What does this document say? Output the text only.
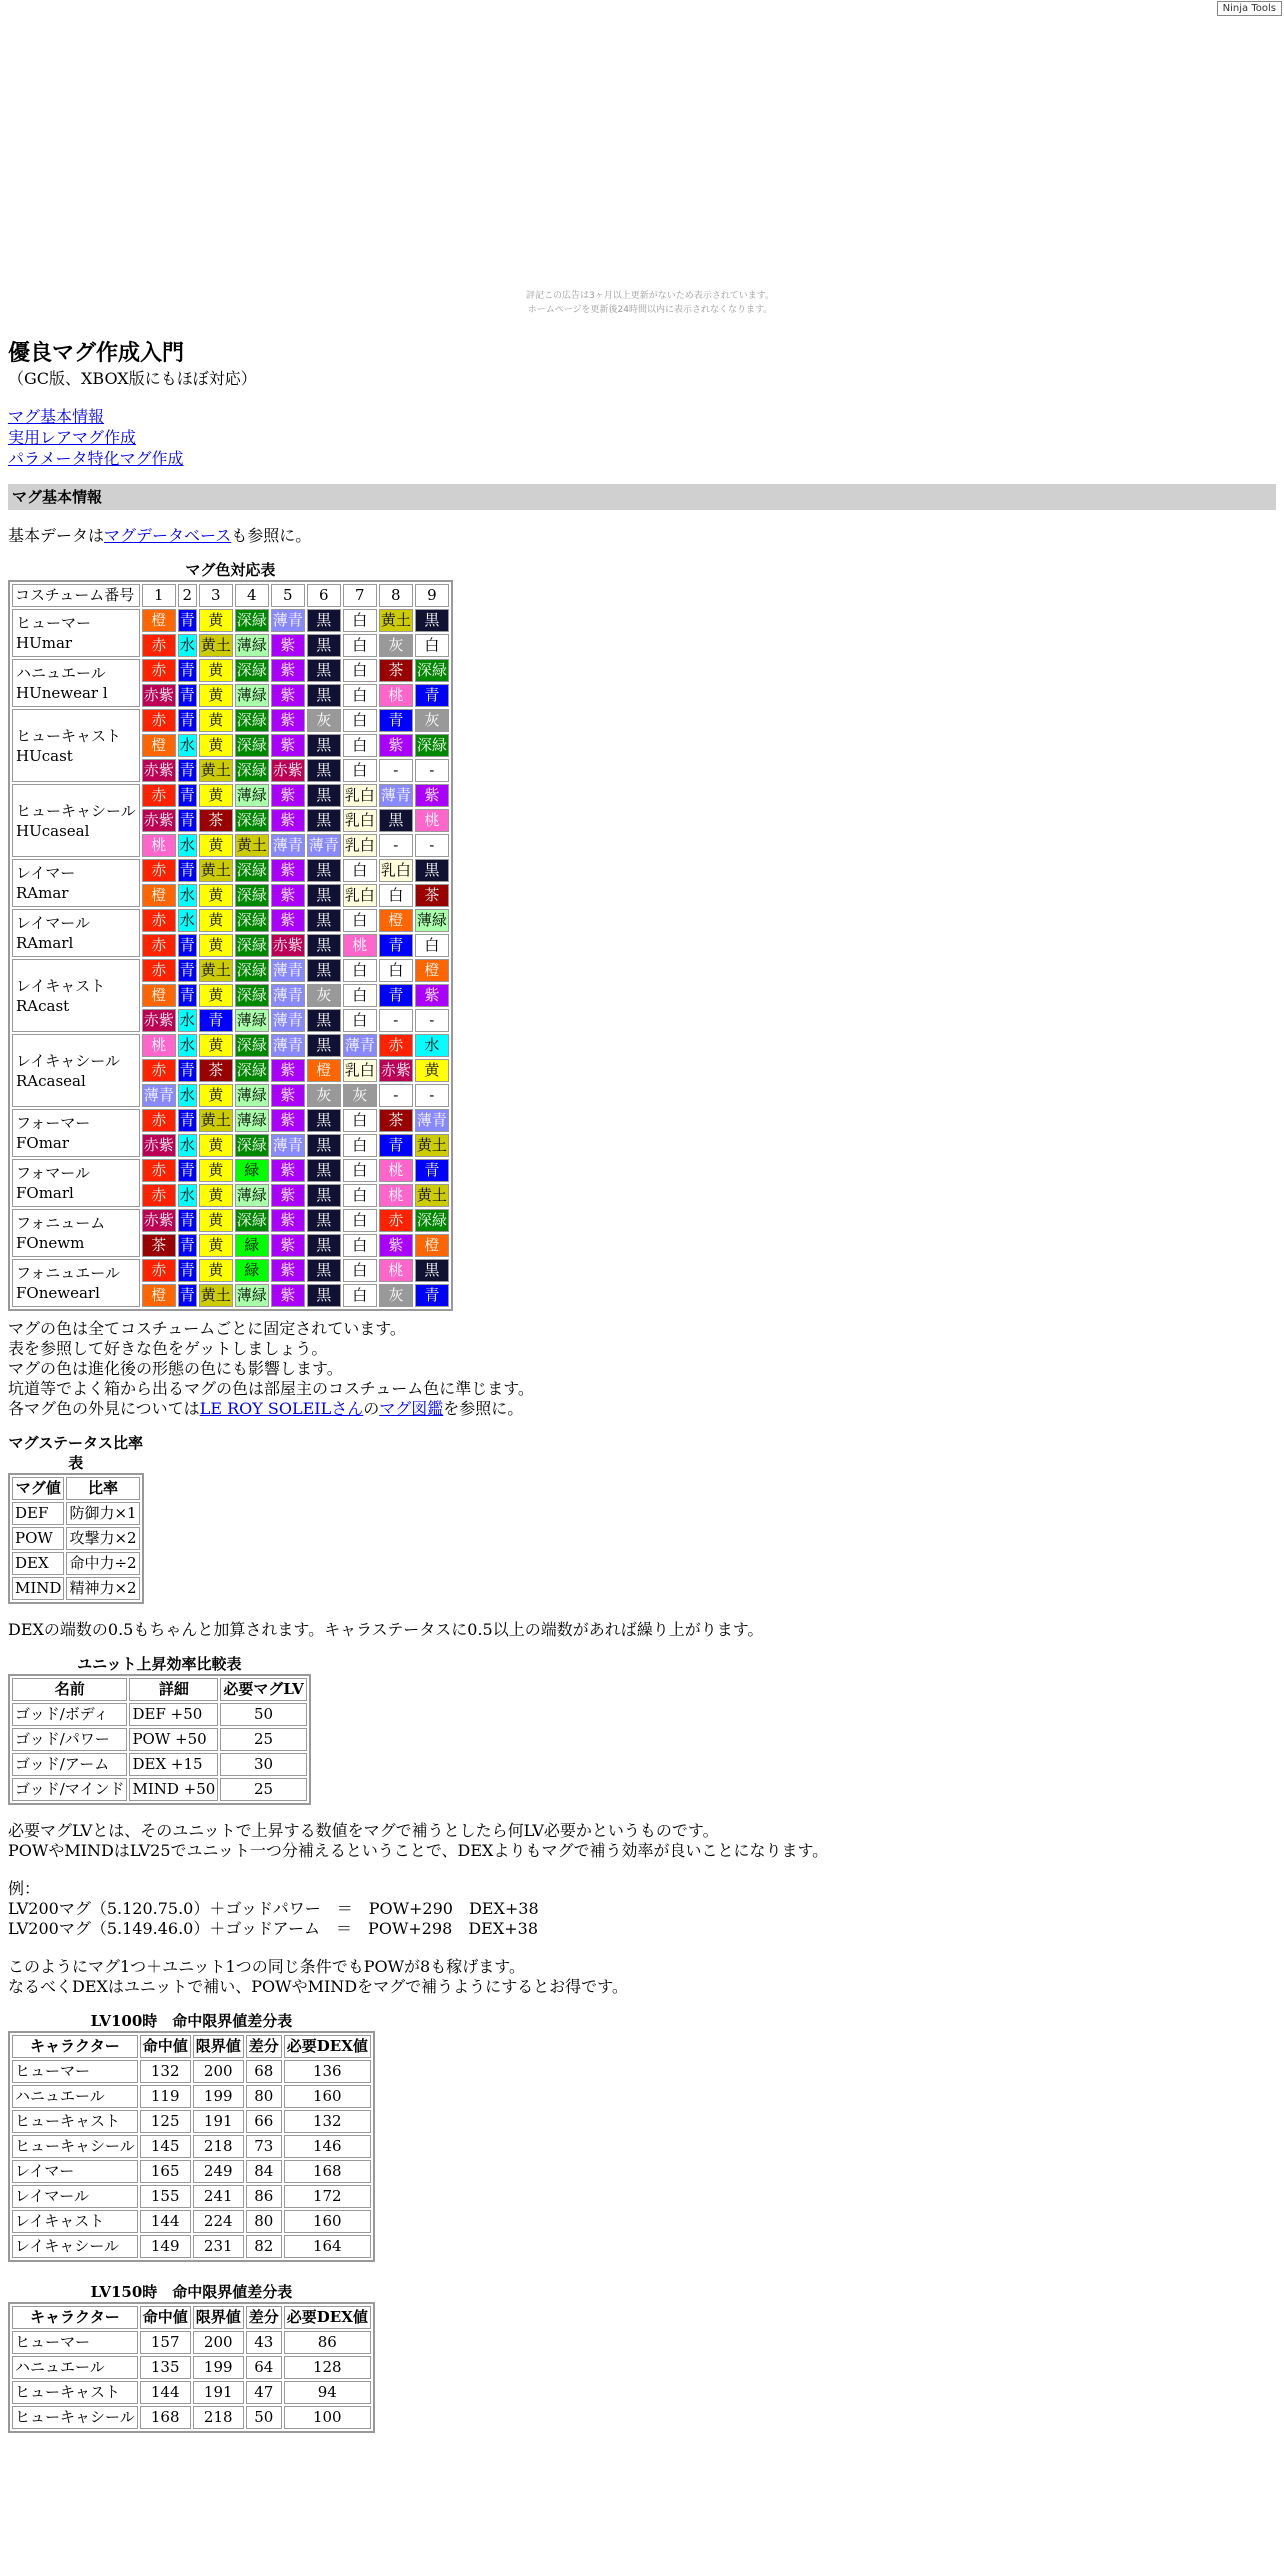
Ninja Tools
評記この広告は3ヶ月以上更新がないため表示されています。
ホームページを更新後24時間以内に表示されなくなります。
優良マグ作成入門
（GC版、XBOX版にもほぼ対応）
マグ基本情報
実用レアマグ作成
パラメータ特化マグ作成
マグ基本情報
基本データはマグデータベースも参照に。
マグ色対応表
コスチューム番号	1	2	3	4	5	6	7	8	9

ヒューマー
HUmar	橙	青	黄	深緑	薄青	黒	白	黄土	黒
	赤	水	黄土	薄緑	紫	黒	白	灰	白

ハニュエール
HUnewear l	赤	青	黄	深緑	紫	黒	白	茶	深緑
	赤紫	青	黄	薄緑	紫	黒	白	桃	青

ヒューキャスト
HUcast	赤	青	黄	深緑	紫	灰	白	青	灰
	橙	水	黄	深緑	紫	黒	白	紫	深緑
	赤紫	青	黄土	深緑	赤紫	黒	白	-	-

ヒューキャシール
HUcaseal	赤	青	黄	薄緑	紫	黒	乳白	薄青	紫
	赤紫	青	茶	深緑	紫	黒	乳白	黒	桃
	桃	水	黄	黄土	薄青	薄青	乳白	-	-

レイマー
RAmar	赤	青	黄土	深緑	紫	黒	白	乳白	黒
	橙	水	黄	深緑	紫	黒	乳白	白	茶

レイマール
RAmarl	赤	水	黄	深緑	紫	黒	白	橙	薄緑
	赤	青	黄	深緑	赤紫	黒	桃	青	白

レイキャスト
RAcast	赤	青	黄土	深緑	薄青	黒	白	白	橙
	橙	青	黄	深緑	薄青	灰	白	青	紫
	赤紫	水	青	薄緑	薄青	黒	白	-	-

レイキャシール
RAcaseal	桃	水	黄	深緑	薄青	黒	薄青	赤	水
	赤	青	茶	深緑	紫	橙	乳白	赤紫	黄
	薄青	水	黄	薄緑	紫	灰	灰	-	-

フォーマー
FOmar	赤	青	黄土	薄緑	紫	黒	白	茶	薄青
	赤紫	水	黄	深緑	薄青	黒	白	青	黄土

フォマール
FOmarl	赤	青	黄	緑	紫	黒	白	桃	青
	赤	水	黄	薄緑	紫	黒	白	桃	黄土

フォニューム
FOnewm	赤紫	青	黄	深緑	紫	黒	白	赤	深緑
	茶	青	黄	緑	紫	黒	白	紫	橙

フォニュエール
FOnewearl	赤	青	黄	緑	紫	黒	白	桃	黒
	橙	青	黄土	薄緑	紫	黒	白	灰	青
マグの色は全てコスチュームごとに固定されています。
表を参照して好きな色をゲットしましょう。
マグの色は進化後の形態の色にも影響します。
坑道等でよく箱から出るマグの色は部屋主のコスチューム色に準じます。
各マグ色の外見についてはLE ROY SOLEILさんのマグ図鑑を参照に。
マグステータス比率表
マグ値	比率
DEF	防御力×1
POW	攻撃力×2
DEX	命中力÷2
MIND	精神力×2
DEXの端数の0.5もちゃんと加算されます。キャラステータスに0.5以上の端数があれば繰り上がります。
ユニット上昇効率比較表
名前	詳細	必要マグLV
ゴッド/ボディ	DEF +50	50
ゴッド/パワー	POW +50	25
ゴッド/アーム	DEX +15	30
ゴッド/マインド	MIND +50	25
必要マグLVとは、そのユニットで上昇する数値をマグで補うとしたら何LV必要かというものです。
POWやMINDはLV25でユニット一つ分補えるということで、DEXよりもマグで補う効率が良いことになります。
例：
LV200マグ（5.120.75.0）＋ゴッドパワー　＝　POW+290　DEX+38
LV200マグ（5.149.46.0）＋ゴッドアーム　＝　POW+298　DEX+38
このようにマグ1つ＋ユニット1つの同じ条件でもPOWが8も稼げます。
なるべくDEXはユニットで補い、POWやMINDをマグで補うようにするとお得です。
LV100時　命中限界値差分表
キャラクター	命中値	限界値	差分	必要DEX値
ヒューマー	132	200	68	136
ハニュエール	119	199	80	160
ヒューキャスト	125	191	66	132
ヒューキャシール	145	218	73	146
レイマー	165	249	84	168
レイマール	155	241	86	172
レイキャスト	144	224	80	160
レイキャシール	149	231	82	164
LV150時　命中限界値差分表
キャラクター	命中値	限界値	差分	必要DEX値
ヒューマー	157	200	43	86
ハニュエール	135	199	64	128
ヒューキャスト	144	191	47	94
ヒューキャシール	168	218	50	100
